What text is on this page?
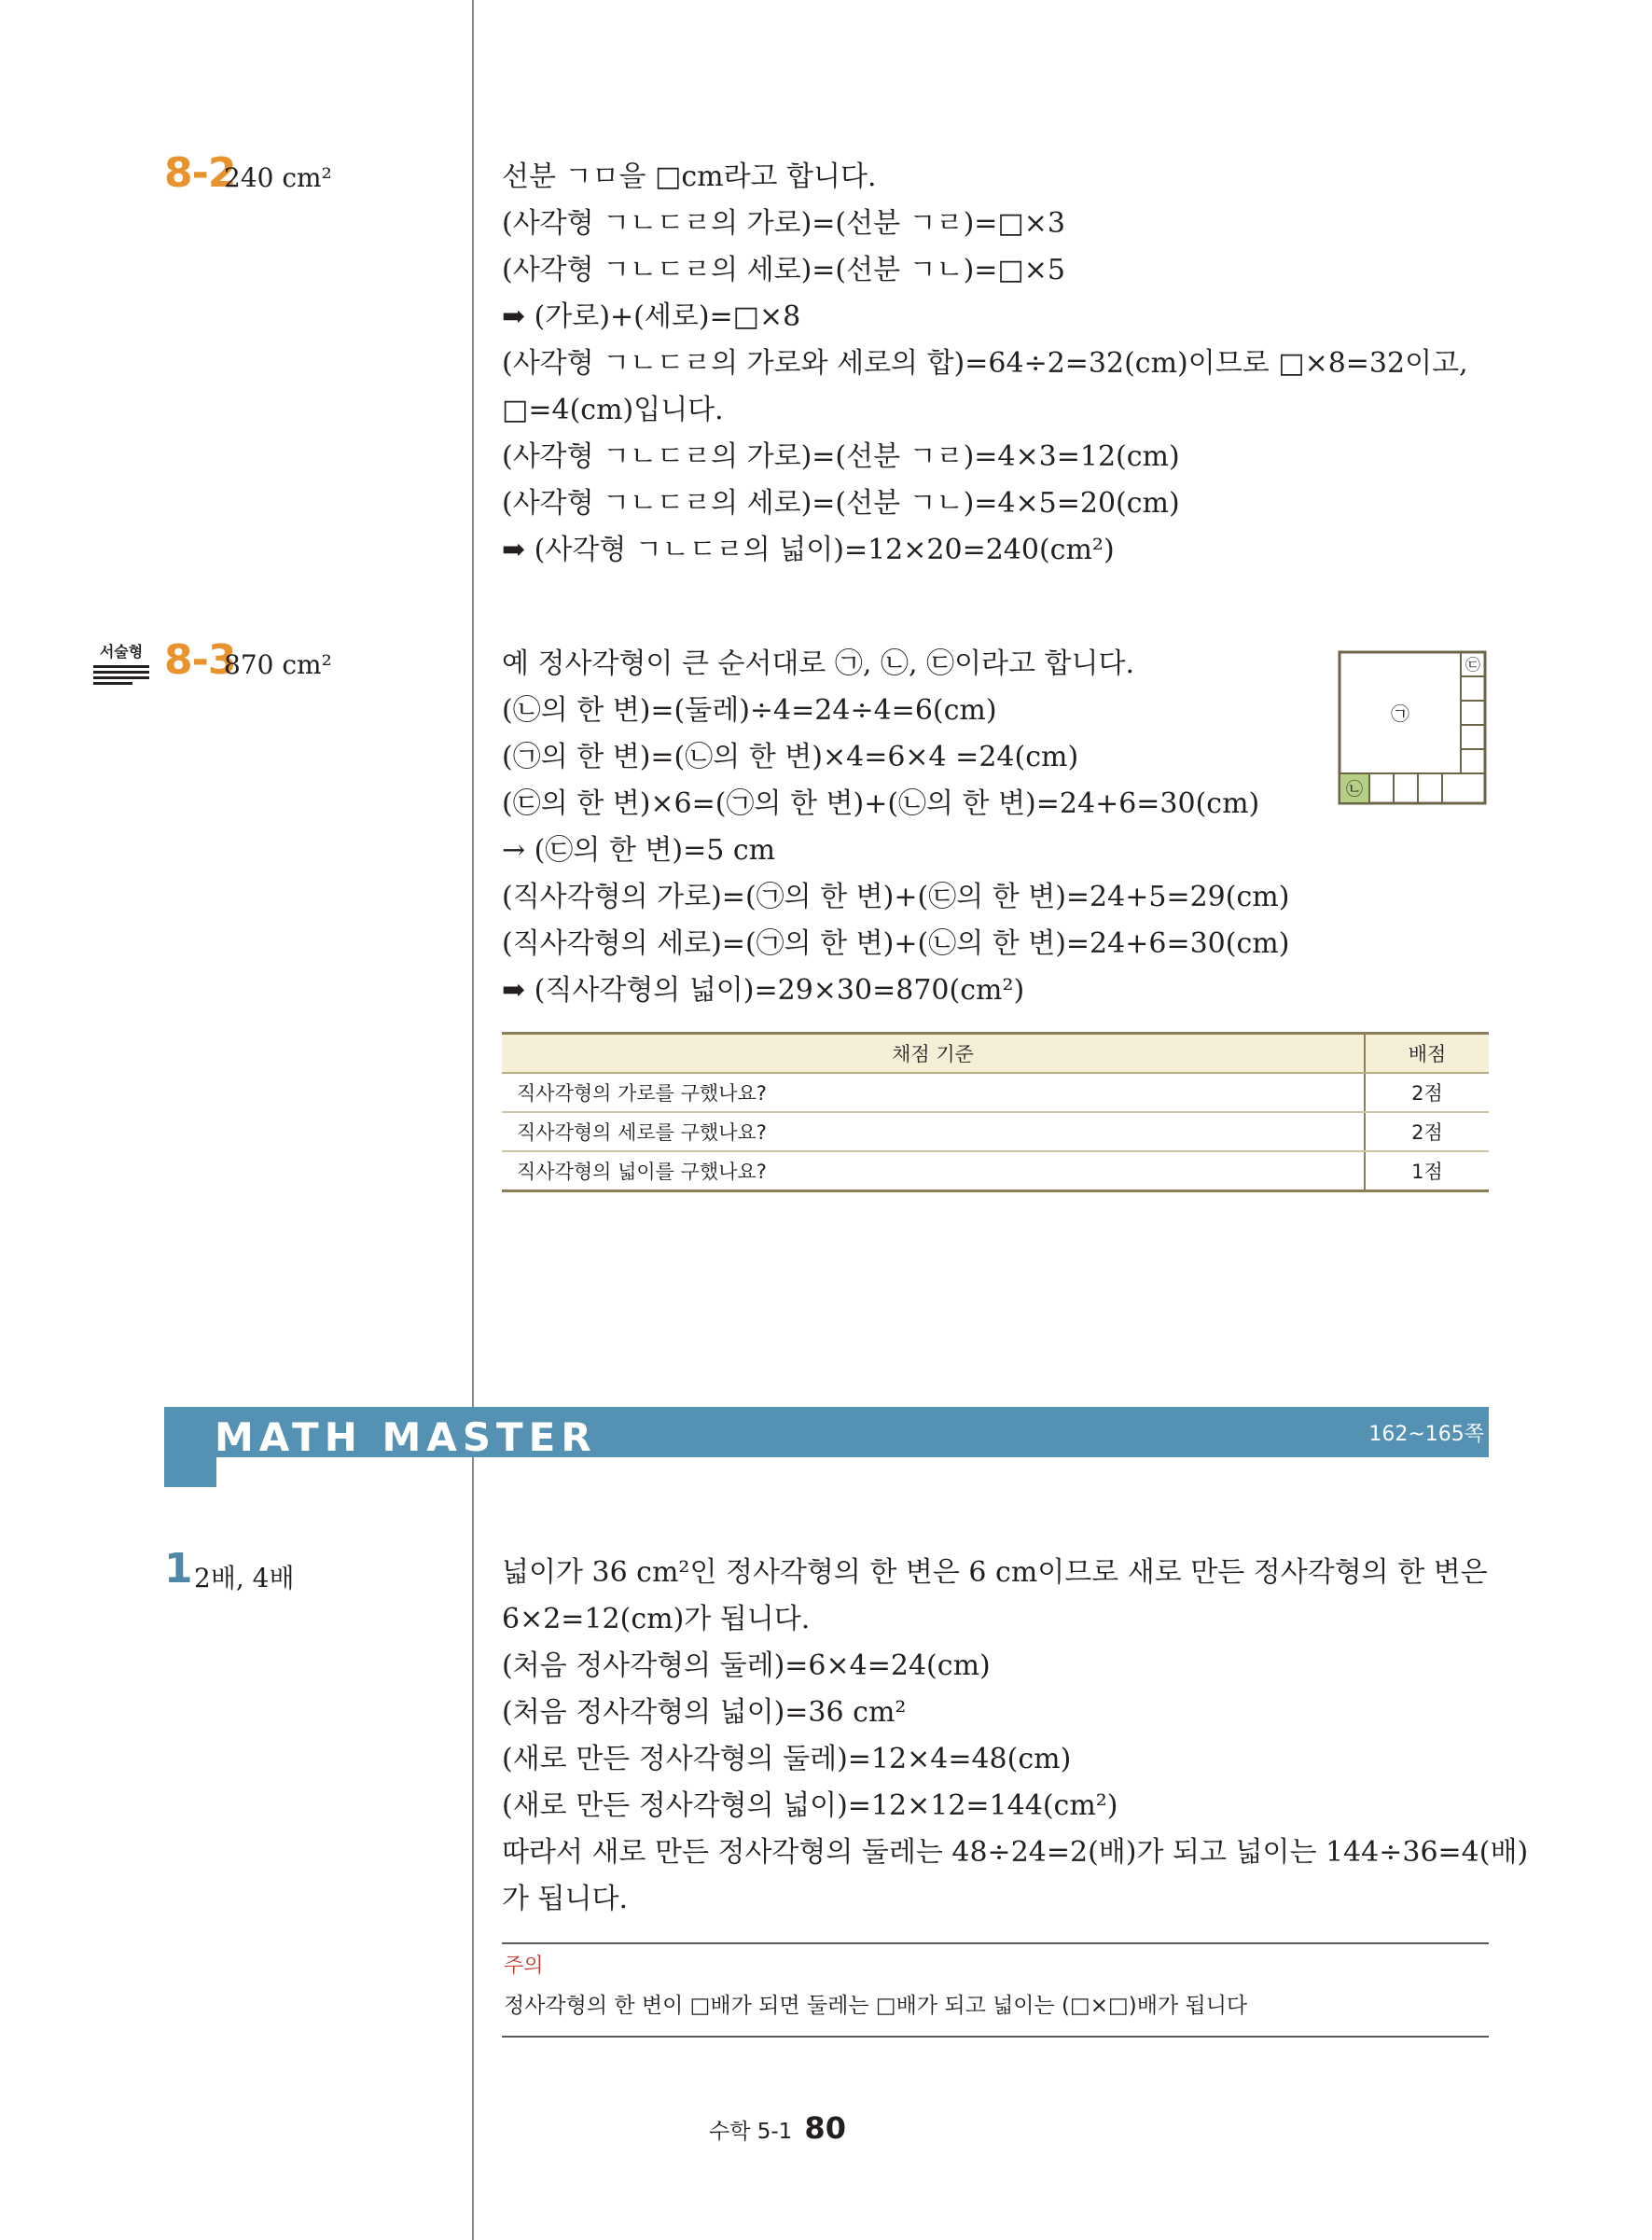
8-2
240 cm²	선분 ㄱㅁ을 □cm라고 합니다.
(사각형 ㄱㄴㄷㄹ의 가로)=(선분 ㄱㄹ)=□×3
(사각형 ㄱㄴㄷㄹ의 세로)=(선분 ㄱㄴ)=□×5
➡ (가로)+(세로)=□×8
(사각형 ㄱㄴㄷㄹ의 가로와 세로의 합)=64÷2=32(cm)이므로 □×8=32이고,
□=4(cm)입니다.
(사각형 ㄱㄴㄷㄹ의 가로)=(선분 ㄱㄹ)=4×3=12(cm)
(사각형 ㄱㄴㄷㄹ의 세로)=(선분 ㄱㄴ)=4×5=20(cm)
➡ (사각형 ㄱㄴㄷㄹ의 넓이)=12×20=240(cm²)
서술형 8-3
870 cm²	예 정사각형이 큰 순서대로 ㉠, ㉡, ㉢이라고 합니다.
(㉡의 한 변)=(둘레)÷4=24÷4=6(cm)
(㉠의 한 변)=(㉡의 한 변)×4=6×4 =24(cm)
(㉢의 한 변)×6=(㉠의 한 변)+(㉡의 한 변)=24+6=30(cm)
→ (㉢의 한 변)=5 cm
(직사각형의 가로)=(㉠의 한 변)+(㉢의 한 변)=24+5=29(cm)
(직사각형의 세로)=(㉠의 한 변)+(㉡의 한 변)=24+6=30(cm)
➡ (직사각형의 넓이)=29×30=870(cm²)
㉠
㉡
㉢
채점 기준	배점
직사각형의 가로를 구했나요?	2점
직사각형의 세로를 구했나요?	2점
직사각형의 넓이를 구했나요?	1점
MATH MASTER	162~165쪽
1 2배, 4배	넓이가 36 cm²인 정사각형의 한 변은 6 cm이므로 새로 만든 정사각형의 한 변은
6×2=12(cm)가 됩니다.
(처음 정사각형의 둘레)=6×4=24(cm)
(처음 정사각형의 넓이)=36 cm²
(새로 만든 정사각형의 둘레)=12×4=48(cm)
(새로 만든 정사각형의 넓이)=12×12=144(cm²)
따라서 새로 만든 정사각형의 둘레는 48÷24=2(배)가 되고 넓이는 144÷36=4(배)
가 됩니다.
주의
정사각형의 한 변이 □배가 되면 둘레는 □배가 되고 넓이는 (□×□)배가 됩니다
수학 5-1 80
